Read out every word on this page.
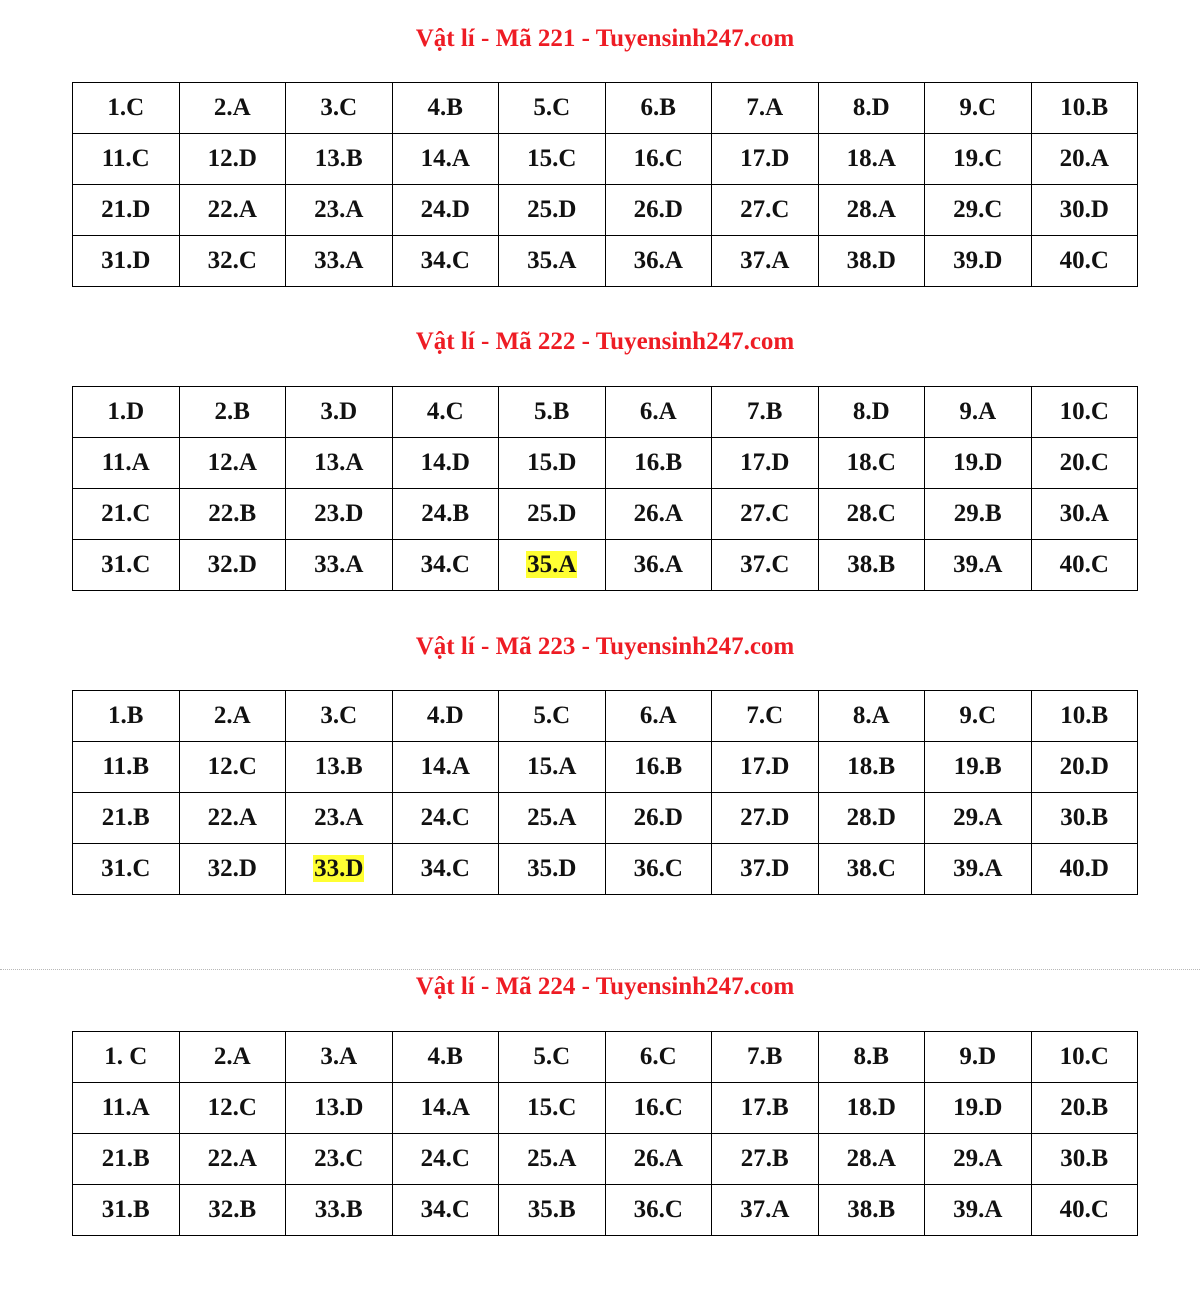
Vật lí - Mã 221 - Tuyensinh247.com
1.C	2.A	3.C	4.B	5.C	6.B	7.A	8.D	9.C	10.B
11.C	12.D	13.B	14.A	15.C	16.C	17.D	18.A	19.C	20.A
21.D	22.A	23.A	24.D	25.D	26.D	27.C	28.A	29.C	30.D
31.D	32.C	33.A	34.C	35.A	36.A	37.A	38.D	39.D	40.C
Vật lí - Mã 222 - Tuyensinh247.com
1.D	2.B	3.D	4.C	5.B	6.A	7.B	8.D	9.A	10.C
11.A	12.A	13.A	14.D	15.D	16.B	17.D	18.C	19.D	20.C
21.C	22.B	23.D	24.B	25.D	26.A	27.C	28.C	29.B	30.A
31.C	32.D	33.A	34.C	35.A	36.A	37.C	38.B	39.A	40.C
Vật lí - Mã 223 - Tuyensinh247.com
1.B	2.A	3.C	4.D	5.C	6.A	7.C	8.A	9.C	10.B
11.B	12.C	13.B	14.A	15.A	16.B	17.D	18.B	19.B	20.D
21.B	22.A	23.A	24.C	25.A	26.D	27.D	28.D	29.A	30.B
31.C	32.D	33.D	34.C	35.D	36.C	37.D	38.C	39.A	40.D
Vật lí - Mã 224 - Tuyensinh247.com
1. C	2.A	3.A	4.B	5.C	6.C	7.B	8.B	9.D	10.C
11.A	12.C	13.D	14.A	15.C	16.C	17.B	18.D	19.D	20.B
21.B	22.A	23.C	24.C	25.A	26.A	27.B	28.A	29.A	30.B
31.B	32.B	33.B	34.C	35.B	36.C	37.A	38.B	39.A	40.C
